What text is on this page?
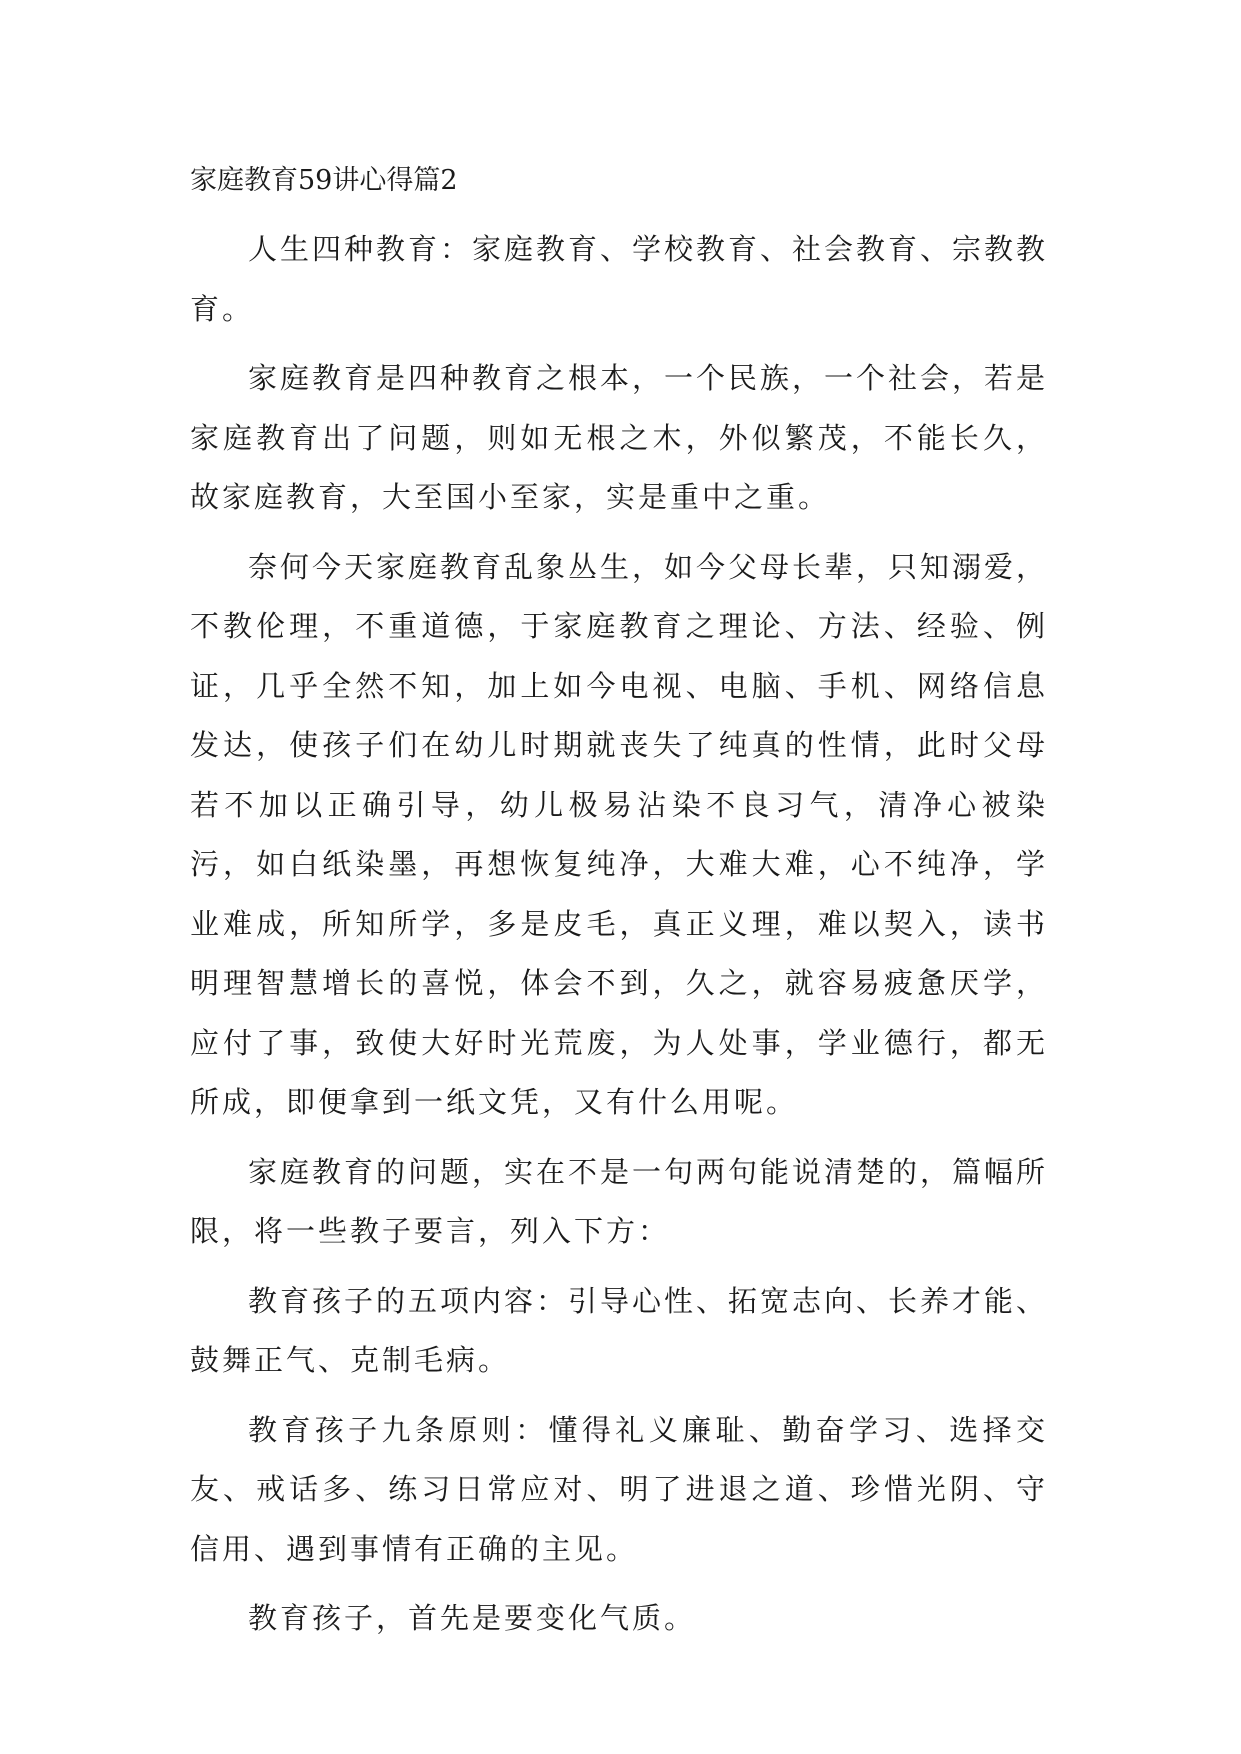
家庭教育59讲心得篇2

人生四种教育：家庭教育、学校教育、社会教育、宗教教育。

家庭教育是四种教育之根本，一个民族，一个社会，若是家庭教育出了问题，则如无根之木，外似繁茂，不能长久，故家庭教育，大至国小至家，实是重中之重。

奈何今天家庭教育乱象丛生，如今父母长辈，只知溺爱，不教伦理，不重道德，于家庭教育之理论、方法、经验、例证，几乎全然不知，加上如今电视、电脑、手机、网络信息发达，使孩子们在幼儿时期就丧失了纯真的性情，此时父母若不加以正确引导，幼儿极易沾染不良习气，清净心被染污，如白纸染墨，再想恢复纯净，大难大难，心不纯净，学业难成，所知所学，多是皮毛，真正义理，难以契入，读书明理智慧增长的喜悦，体会不到，久之，就容易疲惫厌学，应付了事，致使大好时光荒废，为人处事，学业德行，都无所成，即便拿到一纸文凭，又有什么用呢。

家庭教育的问题，实在不是一句两句能说清楚的，篇幅所限，将一些教子要言，列入下方：

教育孩子的五项内容：引导心性、拓宽志向、长养才能、鼓舞正气、克制毛病。

教育孩子九条原则：懂得礼义廉耻、勤奋学习、选择交友、戒话多、练习日常应对、明了进退之道、珍惜光阴、守信用、遇到事情有正确的主见。

教育孩子，首先是要变化气质。
